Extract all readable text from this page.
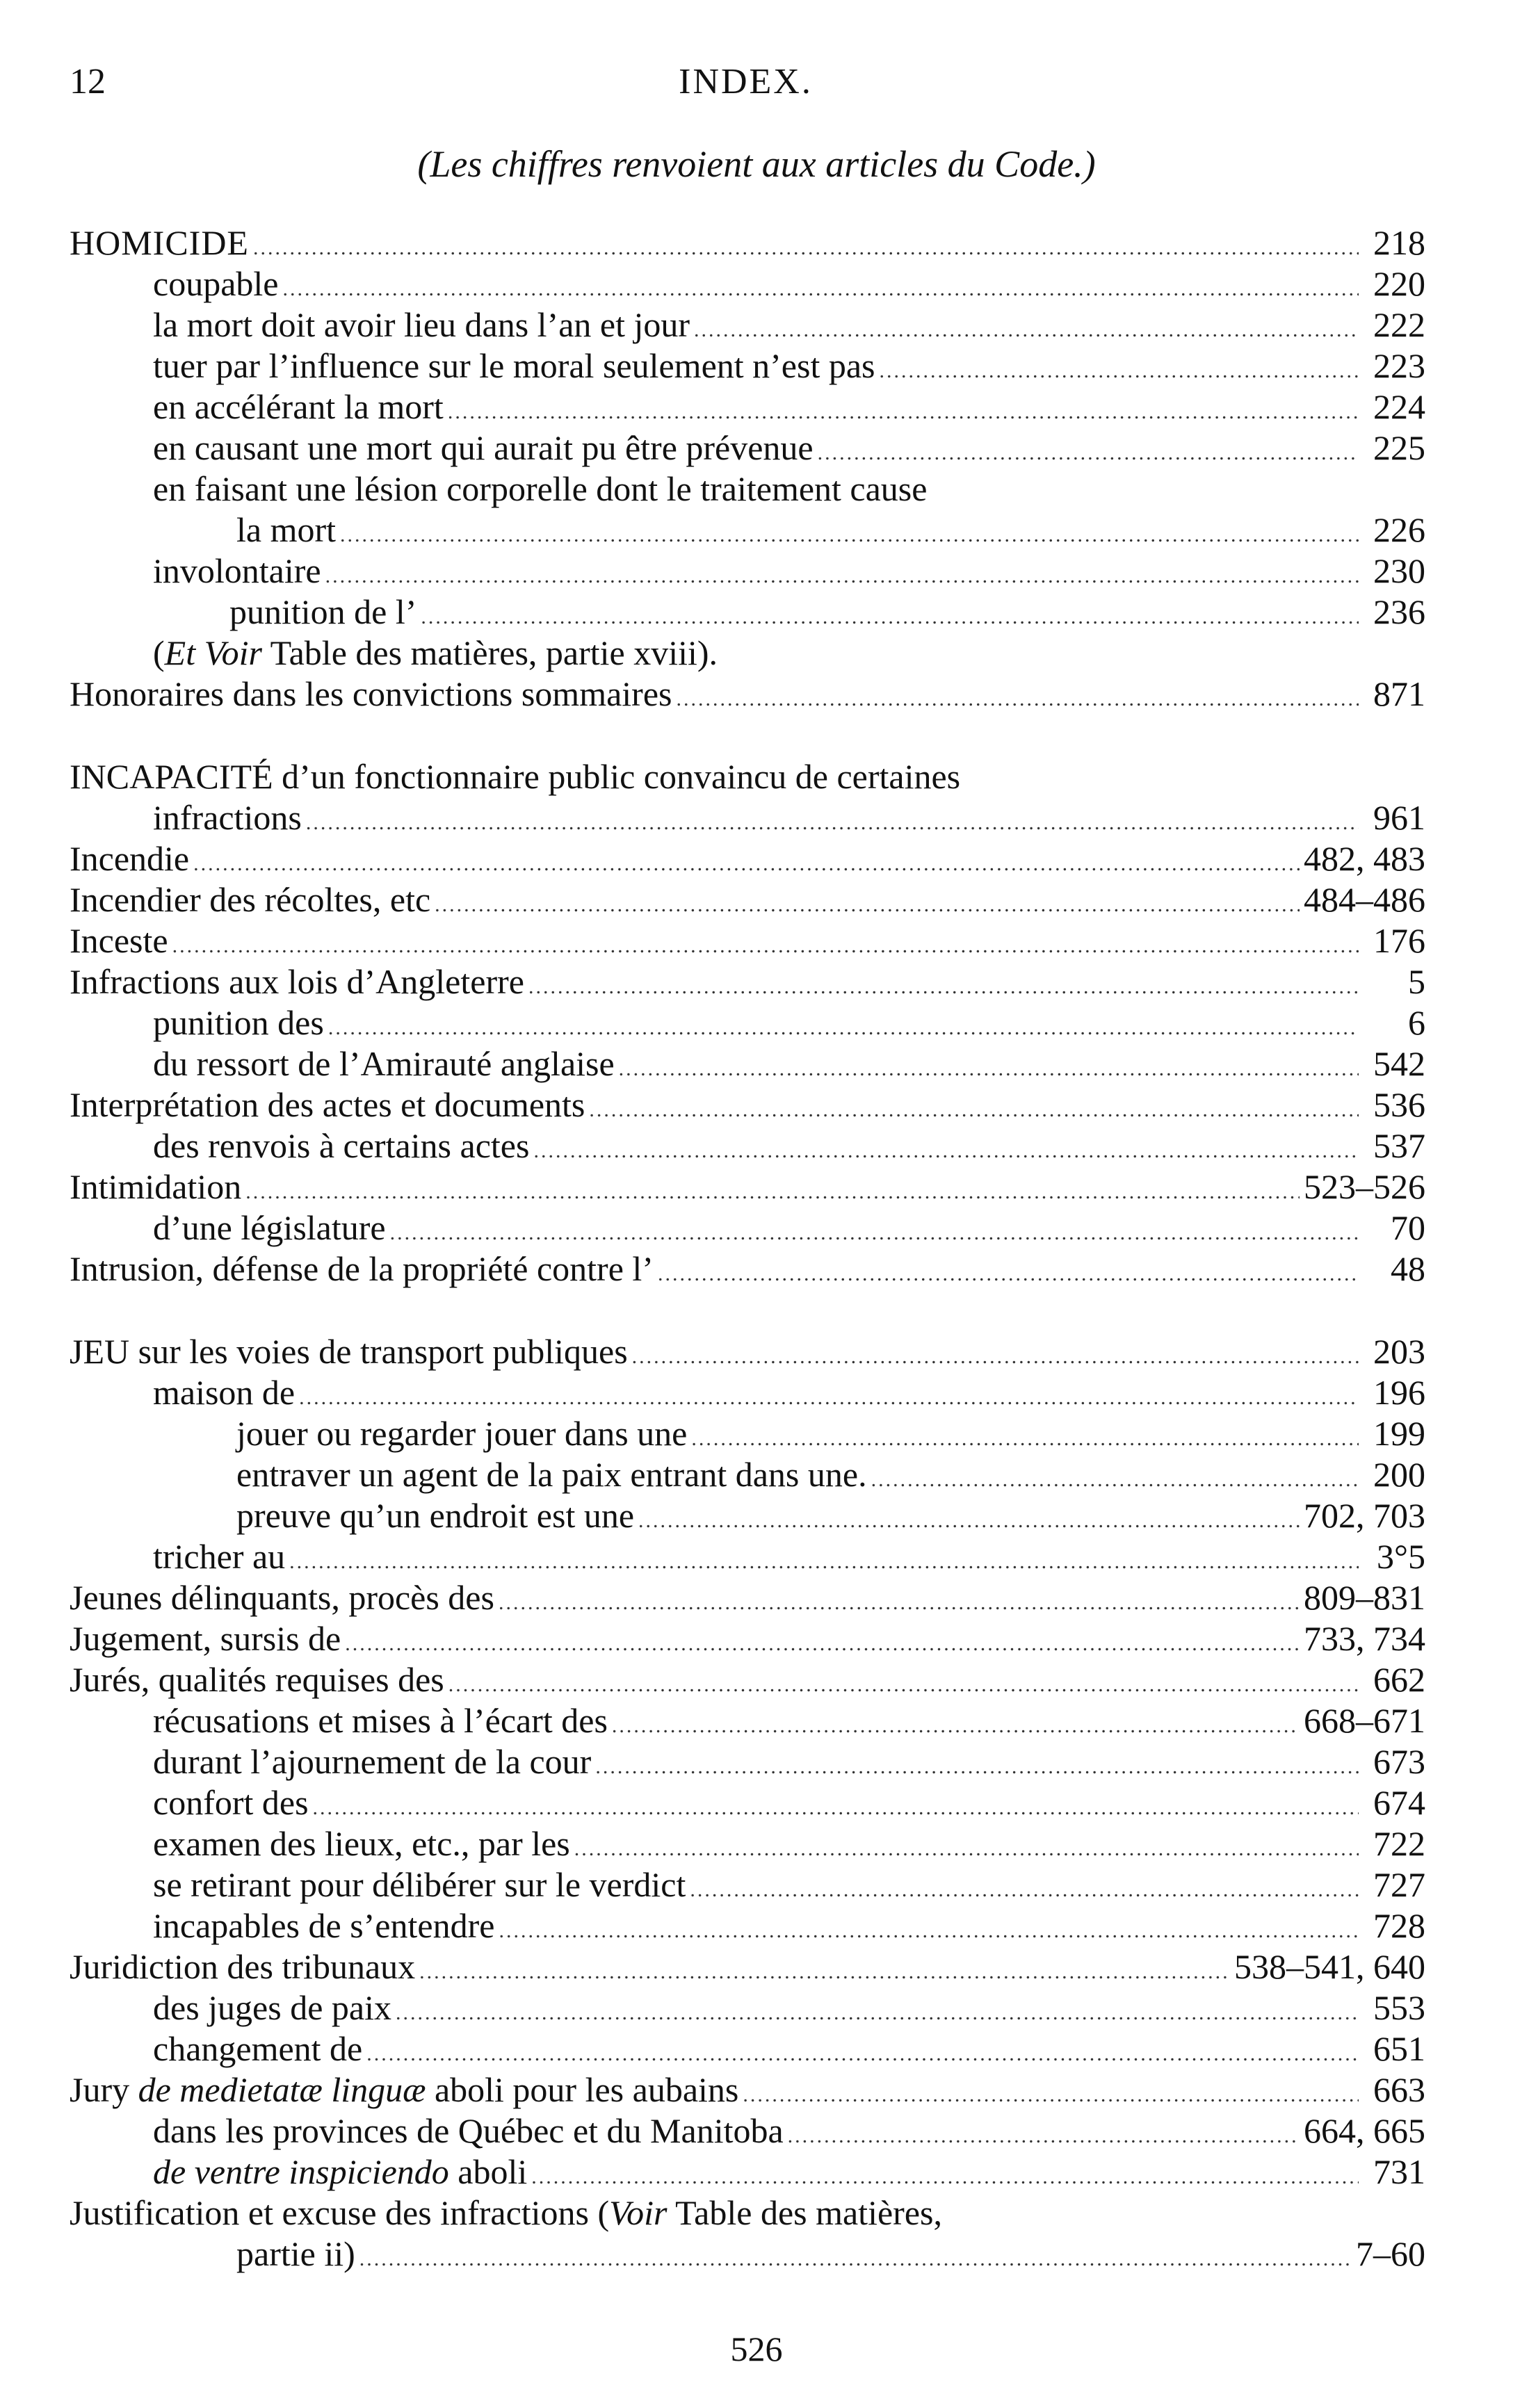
12	INDEX.
(Les chiffres renvoient aux articles du Code.)
HOMICIDE .....	218
coupable .....	220
la mort doit avoir lieu dans l’an et jour .....	222
tuer par l’influence sur le moral seulement n’est pas .....	223
en accélérant la mort .....	224
en causant une mort qui aurait pu être prévenue .....	225
en faisant une lésion corporelle dont le traitement cause
la mort .....	226
involontaire .....	230
punition de l’ .....	236
(Et Voir Table des matières, partie xviii).
Honoraires dans les convictions sommaires .....	871
INCAPACITÉ d’un fonctionnaire public convaincu de certaines
infractions .....	961
Incendie .....	482, 483
Incendier des récoltes, etc .....	484–486
Inceste .....	176
Infractions aux lois d’Angleterre .....	5
punition des .....	6
du ressort de l’Amirauté anglaise .....	542
Interprétation des actes et documents .....	536
des renvois à certains actes .....	537
Intimidation .....	523–526
d’une législature .....	70
Intrusion, défense de la propriété contre l’ .....	48
JEU sur les voies de transport publiques .....	203
maison de .....	196
jouer ou regarder jouer dans une .....	199
entraver un agent de la paix entrant dans une. .....	200
preuve qu’un endroit est une .....	702, 703
tricher au .....	3°5
Jeunes délinquants, procès des .....	809–831
Jugement, sursis de .....	733, 734
Jurés, qualités requises des .....	662
récusations et mises à l’écart des .....	668–671
durant l’ajournement de la cour .....	673
confort des .....	674
examen des lieux, etc., par les .....	722
se retirant pour délibérer sur le verdict .....	727
incapables de s’entendre .....	728
Juridiction des tribunaux .....	538–541, 640
des juges de paix .....	553
changement de .....	651
Jury de medietatæ linguæ aboli pour les aubains .....	663
dans les provinces de Québec et du Manitoba .....	664, 665
de ventre inspiciendo aboli .....	731
Justification et excuse des infractions (Voir Table des matières,
partie ii) .....	7–60
526
